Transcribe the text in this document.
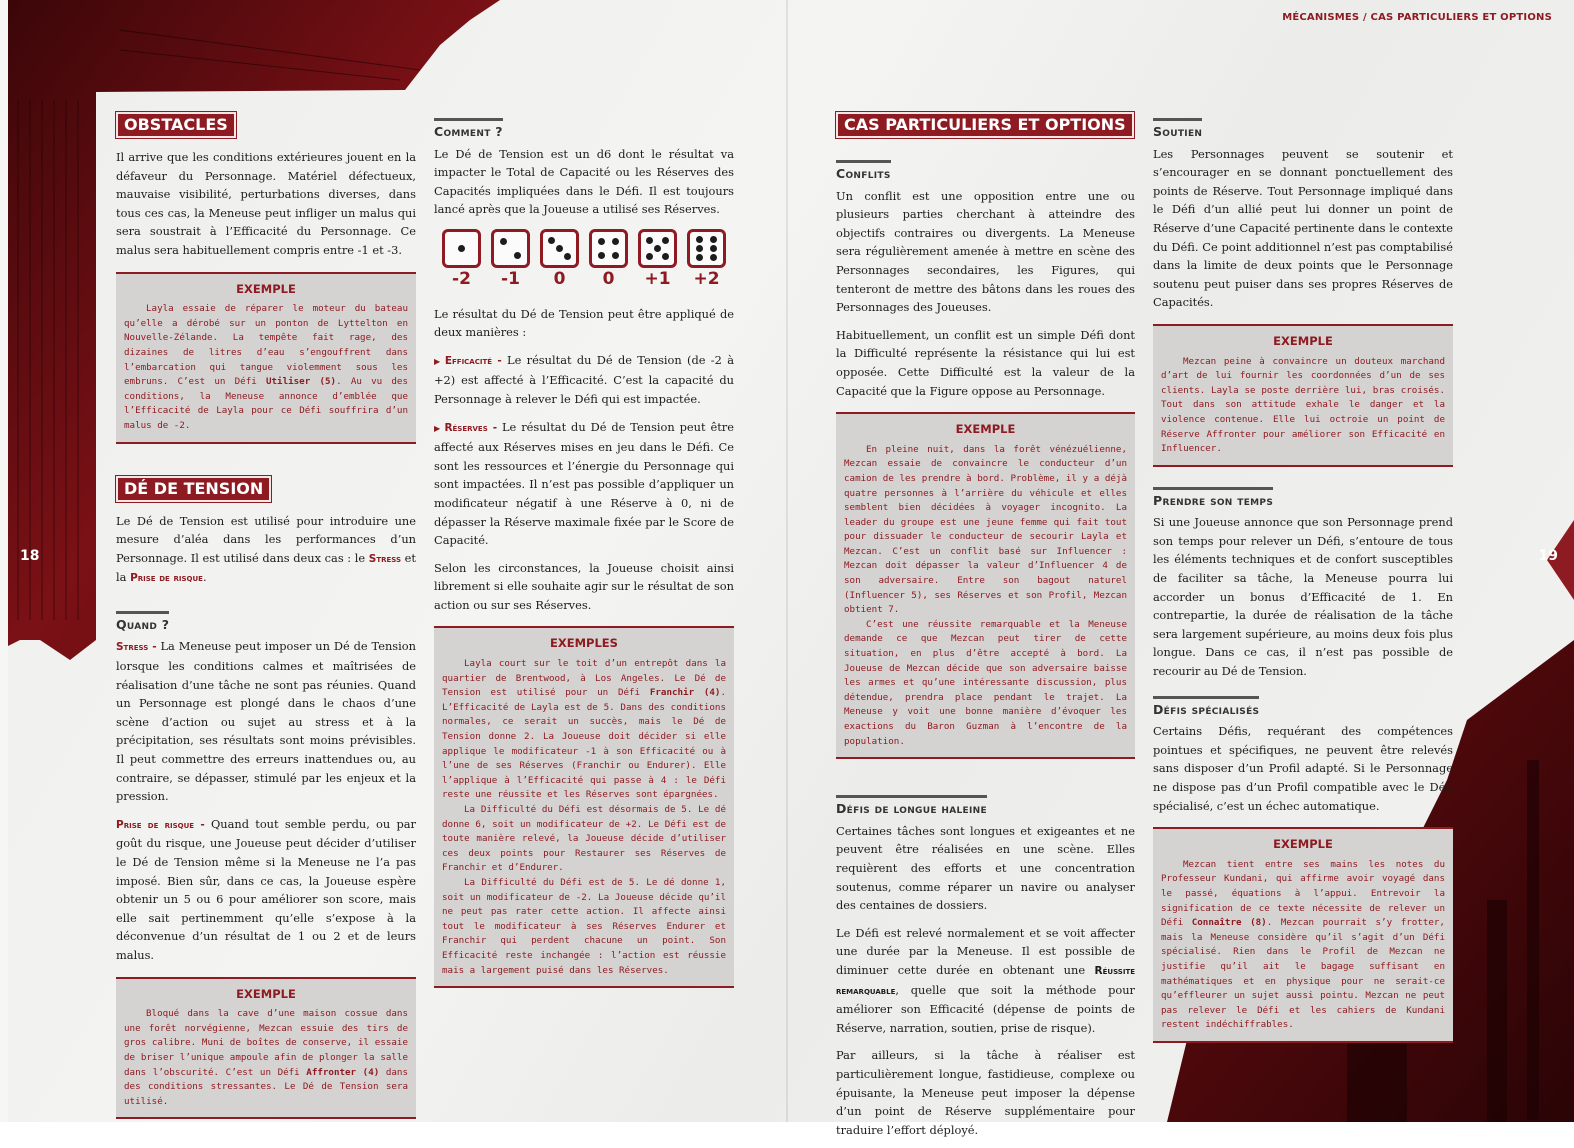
18
OBSTACLES

Il arrive que les conditions extérieures jouent en la défaveur du Personnage. Matériel défectueux, mauvaise visibilité, perturbations diverses, dans tous ces cas, la Meneuse peut infliger un malus qui sera soustrait à l’Efficacité du Personnage. Ce malus sera habituellement compris entre -1 et -3.

EXEMPLE

Layla essaie de réparer le moteur du bateau qu’elle a dérobé sur un ponton de Lyttelton en Nouvelle-Zélande. La tempête fait rage, des dizaines de litres d’eau s’engouffrent dans l’embarcation qui tangue violemment sous les embruns. C’est un Défi Utiliser (5). Au vu des conditions, la Meneuse annonce d’emblée que l’Efficacité de Layla pour ce Défi souffrira d’un malus de -2.

DÉ DE TENSION

Le Dé de Tension est utilisé pour introduire une mesure d’aléa dans les performances d’un Personnage. Il est utilisé dans deux cas : le Stress et la Prise de risque.

Quand ?

Stress - La Meneuse peut imposer un Dé de Tension lorsque les conditions calmes et maîtrisées de réalisation d’une tâche ne sont pas réunies. Quand un Personnage est plongé dans le chaos d’une scène d’action ou sujet au stress et à la précipitation, ses résultats sont moins prévisibles. Il peut commettre des erreurs inattendues ou, au contraire, se dépasser, stimulé par les enjeux et la pression.

Prise de risque - Quand tout semble perdu, ou par goût du risque, une Joueuse peut décider d’utiliser le Dé de Tension même si la Meneuse ne l’a pas imposé. Bien sûr, dans ce cas, la Joueuse espère obtenir un 5 ou 6 pour améliorer son score, mais elle sait pertinemment qu’elle s’expose à la déconvenue d’un résultat de 1 ou 2 et de leurs malus.

EXEMPLE

Bloqué dans la cave d’une maison cossue dans une forêt norvégienne, Mezcan essuie des tirs de gros calibre. Muni de boîtes de conserve, il essaie de briser l’unique ampoule afin de plonger la salle dans l’obscurité. C’est un Défi Affronter (4) dans des conditions stressantes. Le Dé de Tension sera utilisé.

Comment ?

Le Dé de Tension est un d6 dont le résultat va impacter le Total de Capacité ou les Réserves des Capacités impliquées dans le Défi. Il est toujours lancé après que la Joueuse a utilisé ses Réserves.

-2	-1	0	0	+1	+2

Le résultat du Dé de Tension peut être appliqué de deux manières :

▶ Efficacité - Le résultat du Dé de Tension (de -2 à +2) est affecté à l’Efficacité. C’est la capacité du Personnage à relever le Défi qui est impactée.

▶ Réserves - Le résultat du Dé de Tension peut être affecté aux Réserves mises en jeu dans le Défi. Ce sont les ressources et l’énergie du Personnage qui sont impactées. Il n’est pas possible d’appliquer un modificateur négatif à une Réserve à 0, ni de dépasser la Réserve maximale fixée par le Score de Capacité.

Selon les circonstances, la Joueuse choisit ainsi librement si elle souhaite agir sur le résultat de son action ou sur ses Réserves.

EXEMPLES

Layla court sur le toit d’un entrepôt dans la quartier de Brentwood, à Los Angeles. Le Dé de Tension est utilisé pour un Défi Franchir (4). L’Efficacité de Layla est de 5. Dans des conditions normales, ce serait un succès, mais le Dé de Tension donne 2. La Joueuse doit décider si elle applique le modificateur -1 à son Efficacité ou à l’une de ses Réserves (Franchir ou Endurer). Elle l’applique à l’Efficacité qui passe à 4 : le Défi reste une réussite et les Réserves sont épargnées.

La Difficulté du Défi est désormais de 5. Le dé donne 6, soit un modificateur de +2. Le Défi est de toute manière relevé, la Joueuse décide d’utiliser ces deux points pour Restaurer ses Réserves de Franchir et d’Endurer.

La Difficulté du Défi est de 5. Le dé donne 1, soit un modificateur de -2. La Joueuse décide qu’il ne peut pas rater cette action. Il affecte ainsi tout le modificateur à ses Réserves Endurer et Franchir qui perdent chacune un point. Son Efficacité reste inchangée : l’action est réussie mais a largement puisé dans les Réserves.

MÉCANISMES / CAS PARTICULIERS ET OPTIONS
19
CAS PARTICULIERS ET OPTIONS Conflits

Un conflit est une opposition entre une ou plusieurs parties cherchant à atteindre des objectifs contraires ou divergents. La Meneuse sera régulièrement amenée à mettre en scène des Personnages secondaires, les Figures, qui tenteront de mettre des bâtons dans les roues des Personnages des Joueuses.

Habituellement, un conflit est un simple Défi dont la Difficulté représente la résistance qui lui est opposée. Cette Difficulté est la valeur de la Capacité que la Figure oppose au Personnage.

EXEMPLE

En pleine nuit, dans la forêt vénézuélienne, Mezcan essaie de convaincre le conducteur d’un camion de les prendre à bord. Problème, il y a déjà quatre personnes à l’arrière du véhicule et elles semblent bien décidées à voyager incognito. La leader du groupe est une jeune femme qui fait tout pour dissuader le conducteur de secourir Layla et Mezcan. C’est un conflit basé sur Influencer : Mezcan doit dépasser la valeur d’Influencer 4 de son adversaire. Entre son bagout naturel (Influencer 5), ses Réserves et son Profil, Mezcan obtient 7.

C’est une réussite remarquable et la Meneuse demande ce que Mezcan peut tirer de cette situation, en plus d’être accepté à bord. La Joueuse de Mezcan décide que son adversaire baisse les armes et qu’une intéressante discussion, plus détendue, prendra place pendant le trajet. La Meneuse y voit une bonne manière d’évoquer les exactions du Baron Guzman à l’encontre de la population.

Défis de longue haleine

Certaines tâches sont longues et exigeantes et ne peuvent être réalisées en une scène. Elles requièrent des efforts et une concentration soutenus, comme réparer un navire ou analyser des centaines de dossiers.

Le Défi est relevé normalement et se voit affecter une durée par la Meneuse. Il est possible de diminuer cette durée en obtenant une Réussite remarquable, quelle que soit la méthode pour améliorer son Efficacité (dépense de points de Réserve, narration, soutien, prise de risque).

Par ailleurs, si la tâche à réaliser est particulièrement longue, fastidieuse, complexe ou épuisante, la Meneuse peut imposer la dépense d’un point de Réserve supplémentaire pour traduire l’effort déployé.

Soutien

Les Personnages peuvent se soutenir et s’encourager en se donnant ponctuellement des points de Réserve. Tout Personnage impliqué dans le Défi d’un allié peut lui donner un point de Réserve d’une Capacité pertinente dans le contexte du Défi. Ce point additionnel n’est pas comptabilisé dans la limite de deux points que le Personnage soutenu peut puiser dans ses propres Réserves de Capacités.

EXEMPLE

Mezcan peine à convaincre un douteux marchand d’art de lui fournir les coordonnées d’un de ses clients. Layla se poste derrière lui, bras croisés. Tout dans son attitude exhale le danger et la violence contenue. Elle lui octroie un point de Réserve Affronter pour améliorer son Efficacité en Influencer.

Prendre son temps

Si une Joueuse annonce que son Personnage prend son temps pour relever un Défi, s’entoure de tous les éléments techniques et de confort susceptibles de faciliter sa tâche, la Meneuse pourra lui accorder un bonus d’Efficacité de 1. En contrepartie, la durée de réalisation de la tâche sera largement supérieure, au moins deux fois plus longue. Dans ce cas, il n’est pas possible de recourir au Dé de Tension.

Défis spécialisés

Certains Défis, requérant des compétences pointues et spécifiques, ne peuvent être relevés sans disposer d’un Profil adapté. Si le Personnage ne dispose pas d’un Profil compatible avec le Défi spécialisé, c’est un échec automatique.

EXEMPLE

Mezcan tient entre ses mains les notes du Professeur Kundani, qui affirme avoir voyagé dans le passé, équations à l’appui. Entrevoir la signification de ce texte nécessite de relever un Défi Connaître (8). Mezcan pourrait s’y frotter, mais la Meneuse considère qu’il s’agit d’un Défi spécialisé. Rien dans le Profil de Mezcan ne justifie qu’il ait le bagage suffisant en mathématiques et en physique pour ne serait-ce qu’effleurer un sujet aussi pointu. Mezcan ne peut pas relever le Défi et les cahiers de Kundani restent indéchiffrables.
